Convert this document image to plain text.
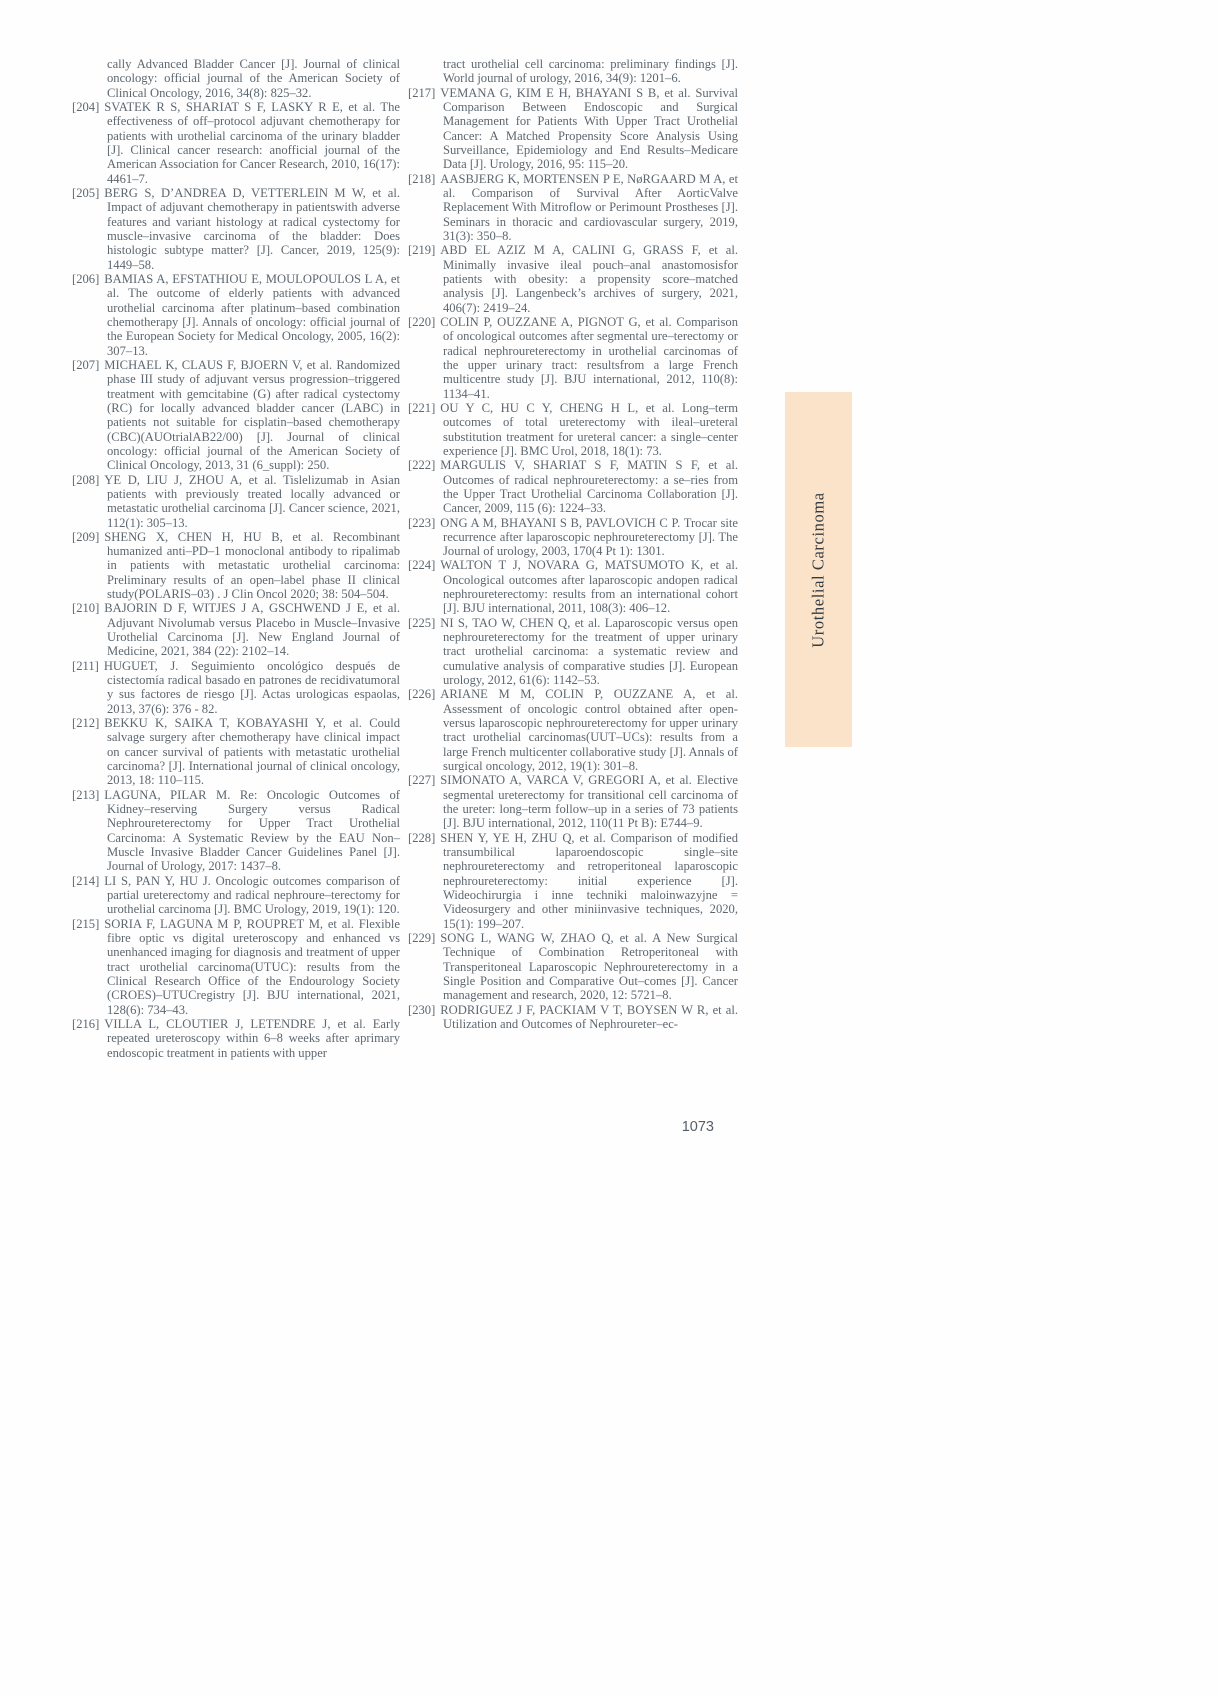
cally Advanced Bladder Cancer [J]. Journal of clinical oncology: official journal of the American Society of Clinical Oncology, 2016, 34(8): 825–32.
[204] SVATEK R S, SHARIAT S F, LASKY R E, et al. The effectiveness of off–protocol adjuvant chemotherapy for patients with urothelial carcinoma of the urinary bladder [J]. Clinical cancer research: anofficial journal of the American Association for Cancer Research, 2010, 16(17): 4461–7.
[205] BERG S, D’ANDREA D, VETTERLEIN M W, et al. Impact of adjuvant chemotherapy in patientswith adverse features and variant histology at radical cystectomy for muscle–invasive carcinoma of the bladder: Does histologic subtype matter? [J]. Cancer, 2019, 125(9): 1449–58.
[206] BAMIAS A, EFSTATHIOU E, MOULOPOULOS L A, et al. The outcome of elderly patients with advanced urothelial carcinoma after platinum–based combination chemotherapy [J]. Annals of oncology: official journal of the European Society for Medical Oncology, 2005, 16(2): 307–13.
[207] MICHAEL K, CLAUS F, BJOERN V, et al. Randomized phase III study of adjuvant versus progression–triggered treatment with gemcitabine (G) after radical cystectomy (RC) for locally advanced bladder cancer (LABC) in patients not suitable for cisplatin–based chemotherapy (CBC)(AUOtrialAB22/00) [J]. Journal of clinical oncology: official journal of the American Society of Clinical Oncology, 2013, 31 (6_suppl): 250.
[208] YE D, LIU J, ZHOU A, et al. Tislelizumab in Asian patients with previously treated locally advanced or metastatic urothelial carcinoma [J]. Cancer science, 2021, 112(1): 305–13.
[209] SHENG X, CHEN H, HU B, et al. Recombinant humanized anti–PD–1 monoclonal antibody to ripalimab in patients with metastatic urothelial carcinoma: Preliminary results of an open–label phase II clinical study(POLARIS–03) . J Clin Oncol 2020; 38: 504–504.
[210] BAJORIN D F, WITJES J A, GSCHWEND J E, et al. Adjuvant Nivolumab versus Placebo in Muscle–Invasive Urothelial Carcinoma [J]. New England Journal of Medicine, 2021, 384 (22): 2102–14.
[211] HUGUET, J. Seguimiento oncológico después de cistectomía radical basado en patrones de recidivatumoral y sus factores de riesgo [J]. Actas urologicas espaolas, 2013, 37(6): 376 - 82.
[212] BEKKU K, SAIKA T, KOBAYASHI Y, et al. Could salvage surgery after chemotherapy have clinical impact on cancer survival of patients with metastatic urothelial carcinoma? [J]. International journal of clinical oncology, 2013, 18: 110–115.
[213] LAGUNA, PILAR M. Re: Oncologic Outcomes of Kidney–reserving Surgery versus Radical Nephroureterectomy for Upper Tract Urothelial Carcinoma: A Systematic Review by the EAU Non–Muscle Invasive Bladder Cancer Guidelines Panel [J]. Journal of Urology, 2017: 1437–8.
[214] LI S, PAN Y, HU J. Oncologic outcomes comparison of partial ureterectomy and radical nephroure–terectomy for urothelial carcinoma [J]. BMC Urology, 2019, 19(1): 120.
[215] SORIA F, LAGUNA M P, ROUPRET M, et al. Flexible fibre optic vs digital ureteroscopy and enhanced vs unenhanced imaging for diagnosis and treatment of upper tract urothelial carcinoma(UTUC): results from the Clinical Research Office of the Endourology Society (CROES)–UTUCregistry [J]. BJU international, 2021, 128(6): 734–43.
[216] VILLA L, CLOUTIER J, LETENDRE J, et al. Early repeated ureteroscopy within 6–8 weeks after aprimary endoscopic treatment in patients with upper
tract urothelial cell carcinoma: preliminary findings [J]. World journal of urology, 2016, 34(9): 1201–6.
[217] VEMANA G, KIM E H, BHAYANI S B, et al. Survival Comparison Between Endoscopic and Surgical Management for Patients With Upper Tract Urothelial Cancer: A Matched Propensity Score Analysis Using Surveillance, Epidemiology and End Results–Medicare Data [J]. Urology, 2016, 95: 115–20.
[218] AASBJERG K, MORTENSEN P E, NøRGAARD M A, et al. Comparison of Survival After AorticValve Replacement With Mitroflow or Perimount Prostheses [J]. Seminars in thoracic and cardiovascular surgery, 2019, 31(3): 350–8.
[219] ABD EL AZIZ M A, CALINI G, GRASS F, et al. Minimally invasive ileal pouch–anal anastomosisfor patients with obesity: a propensity score–matched analysis [J]. Langenbeck’s archives of surgery, 2021, 406(7): 2419–24.
[220] COLIN P, OUZZANE A, PIGNOT G, et al. Comparison of oncological outcomes after segmental ure–terectomy or radical nephroureterectomy in urothelial carcinomas of the upper urinary tract: resultsfrom a large French multicentre study [J]. BJU international, 2012, 110(8): 1134–41.
[221] OU Y C, HU C Y, CHENG H L, et al. Long–term outcomes of total ureterectomy with ileal–ureteral substitution treatment for ureteral cancer: a single–center experience [J]. BMC Urol, 2018, 18(1): 73.
[222] MARGULIS V, SHARIAT S F, MATIN S F, et al. Outcomes of radical nephroureterectomy: a se–ries from the Upper Tract Urothelial Carcinoma Collaboration [J]. Cancer, 2009, 115 (6): 1224–33.
[223] ONG A M, BHAYANI S B, PAVLOVICH C P. Trocar site recurrence after laparoscopic nephroureterectomy [J]. The Journal of urology, 2003, 170(4 Pt 1): 1301.
[224] WALTON T J, NOVARA G, MATSUMOTO K, et al. Oncological outcomes after laparoscopic andopen radical nephroureterectomy: results from an international cohort [J]. BJU international, 2011, 108(3): 406–12.
[225] NI S, TAO W, CHEN Q, et al. Laparoscopic versus open nephroureterectomy for the treatment of upper urinary tract urothelial carcinoma: a systematic review and cumulative analysis of comparative studies [J]. European urology, 2012, 61(6): 1142–53.
[226] ARIANE M M, COLIN P, OUZZANE A, et al. Assessment of oncologic control obtained after open-versus laparoscopic nephroureterectomy for upper urinary tract urothelial carcinomas(UUT–UCs): results from a large French multicenter collaborative study [J]. Annals of surgical oncology, 2012, 19(1): 301–8.
[227] SIMONATO A, VARCA V, GREGORI A, et al. Elective segmental ureterectomy for transitional cell carcinoma of the ureter: long–term follow–up in a series of 73 patients [J]. BJU international, 2012, 110(11 Pt B): E744–9.
[228] SHEN Y, YE H, ZHU Q, et al. Comparison of modified transumbilical laparoendoscopic single–site nephroureterectomy and retroperitoneal laparoscopic nephroureterectomy: initial experience [J]. Wideochirurgia i inne techniki maloinwazyjne = Videosurgery and other miniinvasive techniques, 2020, 15(1): 199–207.
[229] SONG L, WANG W, ZHAO Q, et al. A New Surgical Technique of Combination Retroperitoneal with Transperitoneal Laparoscopic Nephroureterectomy in a Single Position and Comparative Out–comes [J]. Cancer management and research, 2020, 12: 5721–8.
[230] RODRIGUEZ J F, PACKIAM V T, BOYSEN W R, et al. Utilization and Outcomes of Nephroureter–ec-
Urothelial Carcinoma
1073
